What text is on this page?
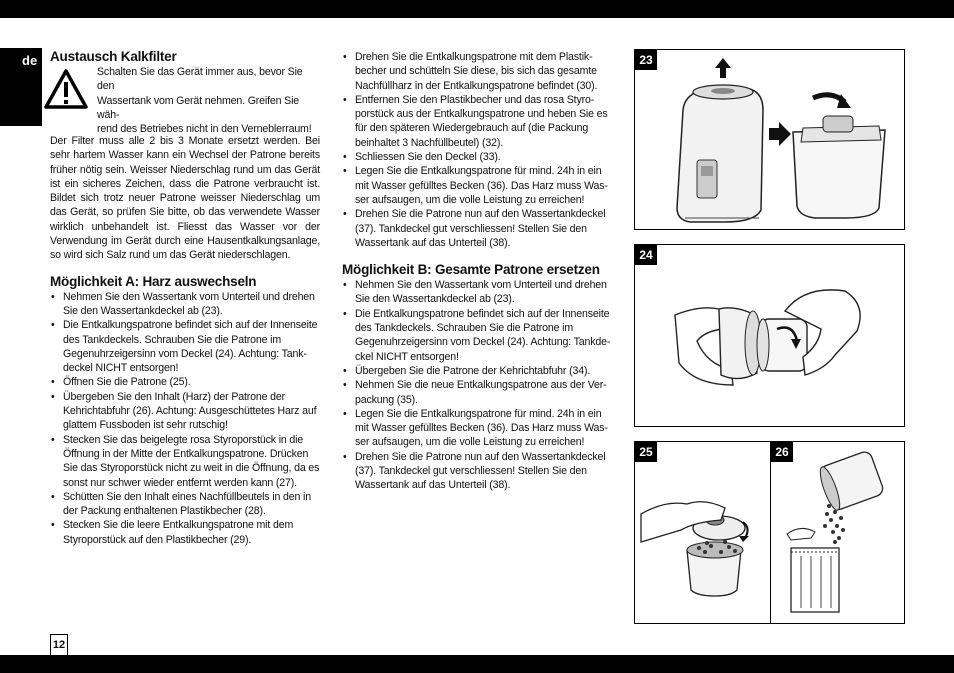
de Austausch Kalkfilter

Schalten Sie das Gerät immer aus, bevor Sie den

Wassertank vom Gerät nehmen. Greifen Sie wäh-

rend des Betriebes nicht in den Verneblerraum!

Der Filter muss alle 2 bis 3 Monate ersetzt werden. Bei sehr hartem Wasser kann ein Wechsel der Patrone bereits früher nötig sein. Weisser Niederschlag rund um das Gerät ist ein sicheres Zeichen, dass die Patrone verbraucht ist. Bildet sich trotz neuer Patrone weisser Niederschlag um das Gerät, so prüfen Sie bitte, ob das verwendete Wasser wirklich unbehandelt ist. Fliesst das Wasser vor der Verwendung im Gerät durch eine Hausentkalkungsanlage, so wird sich Salz rund um das Gerät niederschlagen.

Möglichkeit A: Harz auswechseln
• Nehmen Sie den Wassertank vom Unterteil und drehen Sie den Wassertankdeckel ab (23).
• Die Entkalkungspatrone befindet sich auf der Innenseite des Tankdeckels. Schrauben Sie die Patrone im Gegenuhrzeigersinn vom Deckel (24). Achtung: Tankdeckel NICHT entsorgen!
• Öffnen Sie die Patrone (25).
• Übergeben Sie den Inhalt (Harz) der Patrone der Kehrichtabfuhr (26). Achtung: Ausgeschüttetes Harz auf glattem Fussboden ist sehr rutschig!
• Stecken Sie das beigelegte rosa Styroporstück in die Öffnung in der Mitte der Entkalkungspatrone. Drücken Sie das Styroporstück nicht zu weit in die Öffnung, da es sonst nur schwer wieder entfernt werden kann (27).
• Schütten Sie den Inhalt eines Nachfüllbeutels in den in der Packung enthaltenen Plastikbecher (28).
• Stecken Sie die leere Entkalkungspatrone mit dem Styroporstück auf den Plastikbecher (29).
• Drehen Sie die Entkalkungspatrone mit dem Plastikbecher und schütteln Sie diese, bis sich das gesamte Nachfüllharz in der Entkalkungspatrone befindet (30).
• Entfernen Sie den Plastikbecher und das rosa Styroporstück aus der Entkalkungspatrone und heben Sie es für den späteren Wiedergebrauch auf (die Packung beinhaltet 3 Nachfüllbeutel) (32).
• Schliessen Sie den Deckel (33).
• Legen Sie die Entkalkungspatrone für mind. 24h in ein mit Wasser gefülltes Becken (36). Das Harz muss Wasser aufsaugen, um die volle Leistung zu erreichen!
• Drehen Sie die Patrone nun auf den Wassertankdeckel (37). Tankdeckel gut verschliessen! Stellen Sie den Wassertank auf das Unterteil (38).
Möglichkeit B: Gesamte Patrone ersetzen
• Nehmen Sie den Wassertank vom Unterteil und drehen Sie den Wassertankdeckel ab (23).
• Die Entkalkungspatrone befindet sich auf der Innenseite des Tankdeckels. Schrauben Sie die Patrone im Gegenuhrzeigersinn vom Deckel (24). Achtung: Tankdeckel NICHT entsorgen!
• Übergeben Sie die Patrone der Kehrichtabfuhr (34).
• Nehmen Sie die neue Entkalkungspatrone aus der Verpackung (35).
• Legen Sie die Entkalkungspatrone für mind. 24h in ein mit Wasser gefülltes Becken (36). Das Harz muss Wasser aufsaugen, um die volle Leistung zu erreichen!
• Drehen Sie die Patrone nun auf den Wassertankdeckel (37). Tankdeckel gut verschliessen! Stellen Sie den Wassertank auf das Unterteil (38).
23
24
25	26
12
